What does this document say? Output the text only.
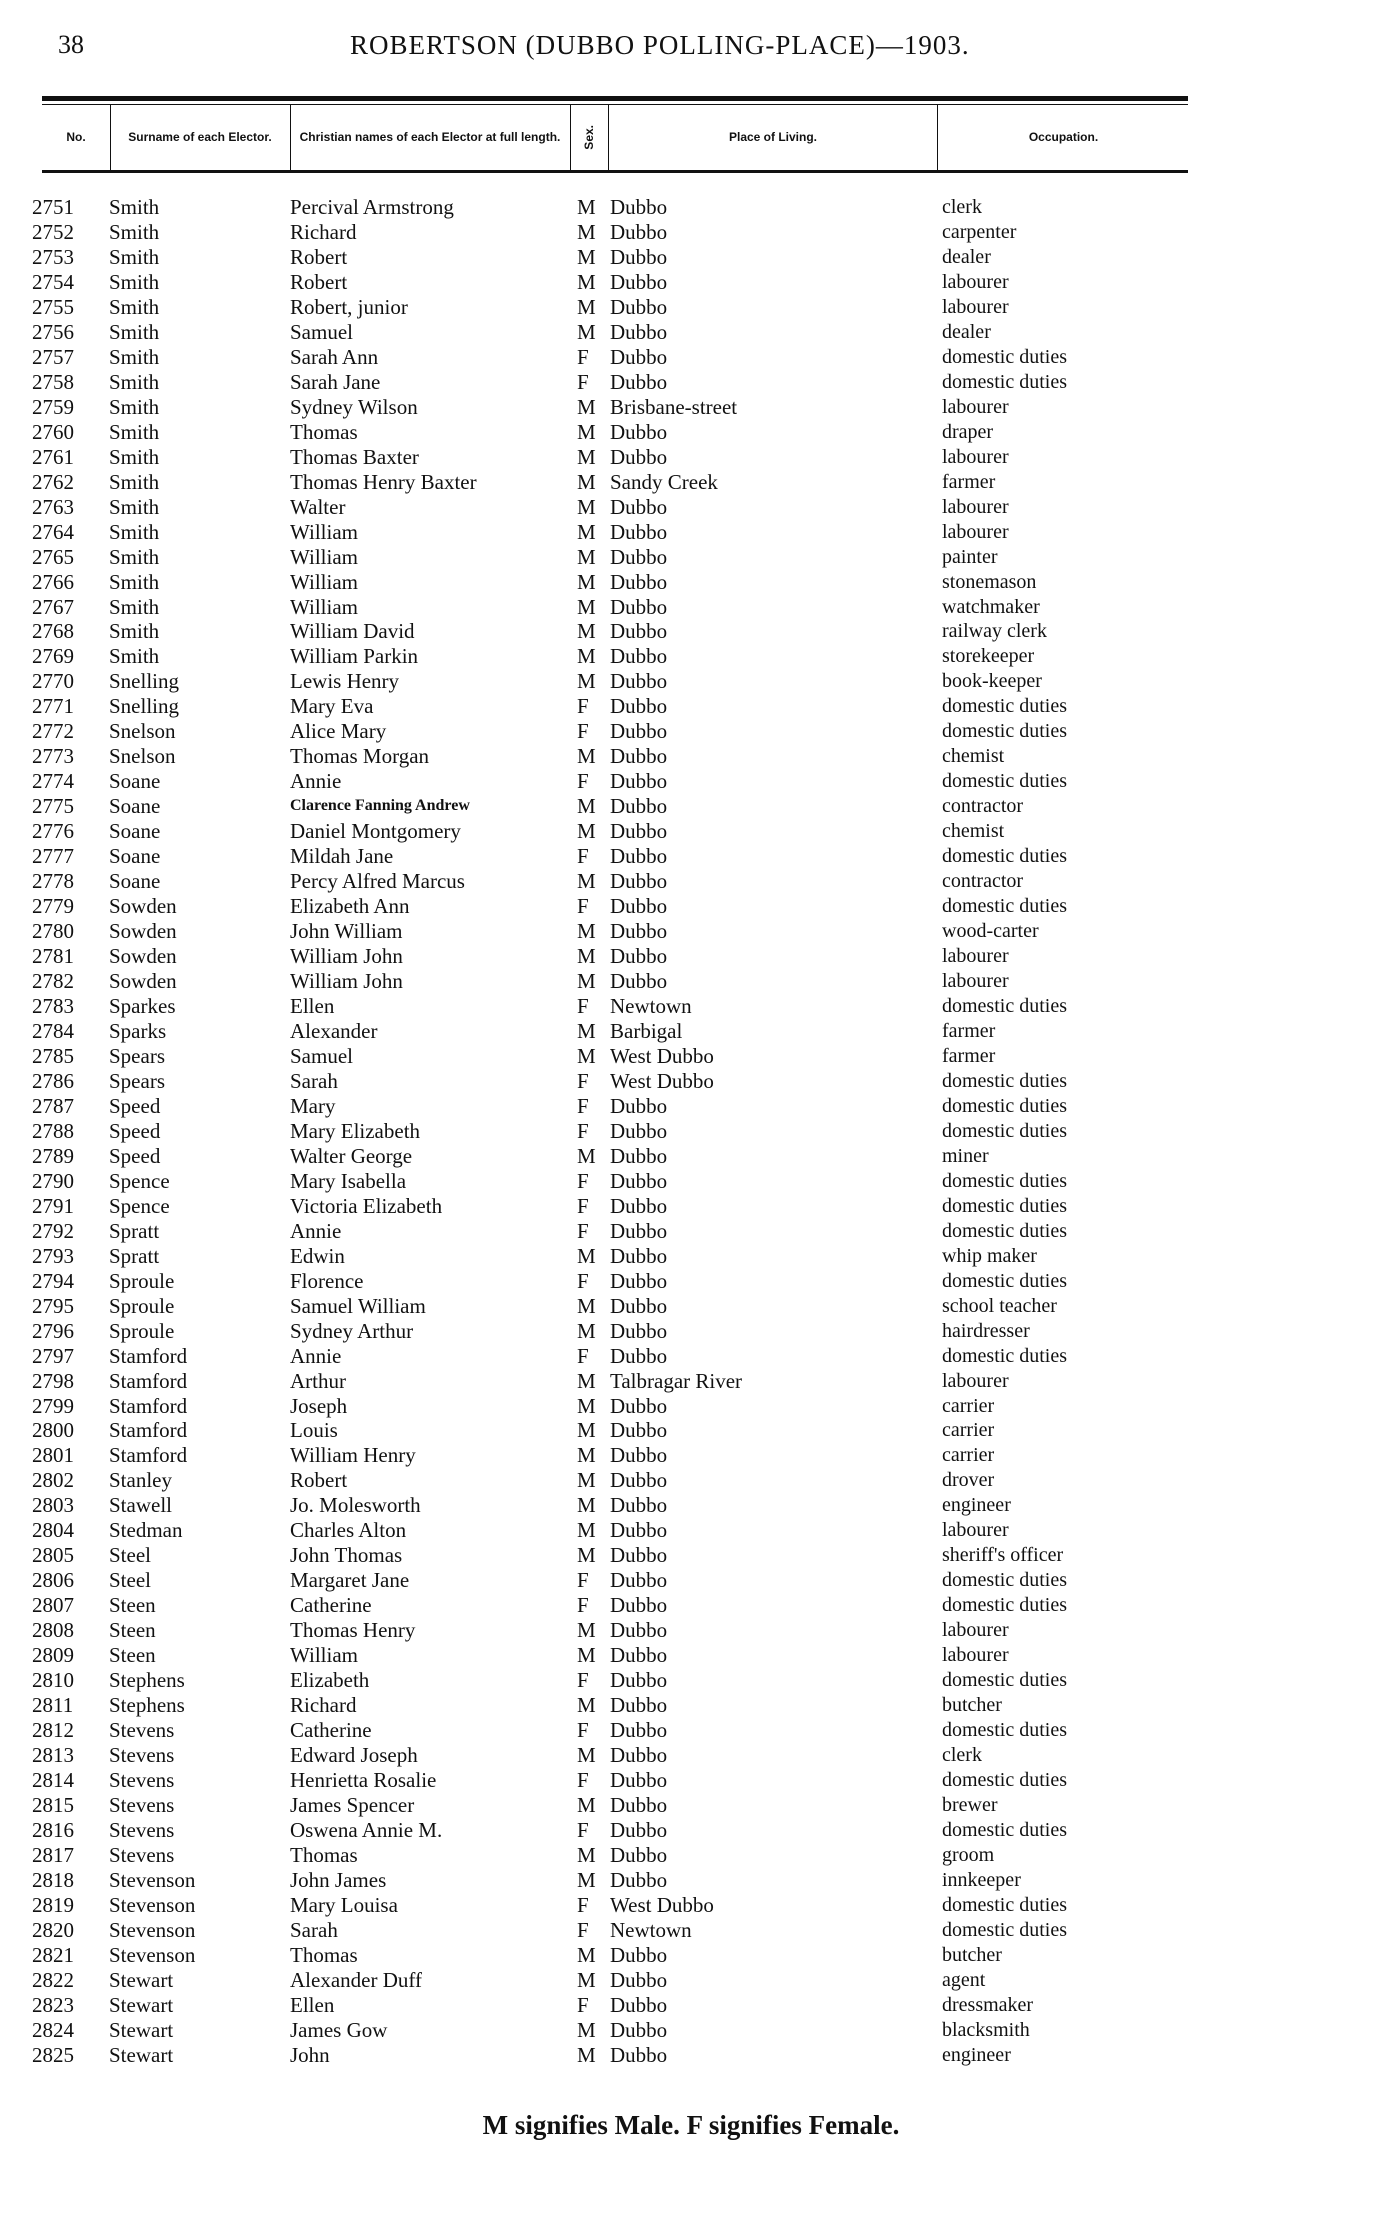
38	ROBERTSON (DUBBO POLLING-PLACE)—1903.
No.	Surname of each Elector.	Christian names of each Elector at full length.	Sex.	Place of Living.	Occupation.
2751 Smith	Percival Armstrong	M Dubbo	clerk
2752 Smith	Richard	M Dubbo	carpenter
2753 Smith	Robert	M Dubbo	dealer
2754 Smith	Robert	M Dubbo	labourer
2755 Smith	Robert, junior	M Dubbo	labourer
2756 Smith	Samuel	M Dubbo	dealer
2757 Smith	Sarah Ann	F Dubbo	domestic duties
2758 Smith	Sarah Jane	F Dubbo	domestic duties
2759 Smith	Sydney Wilson	M Brisbane-street	labourer
2760 Smith	Thomas	M Dubbo	draper
2761 Smith	Thomas Baxter	M Dubbo	labourer
2762 Smith	Thomas Henry Baxter	M Sandy Creek	farmer
2763 Smith	Walter	M Dubbo	labourer
2764 Smith	William	M Dubbo	labourer
2765 Smith	William	M Dubbo	painter
2766 Smith	William	M Dubbo	stonemason
2767 Smith	William	M Dubbo	watchmaker
2768 Smith	William David	M Dubbo	railway clerk
2769 Smith	William Parkin	M Dubbo	storekeeper
2770 Snelling	Lewis Henry	M Dubbo	book-keeper
2771 Snelling	Mary Eva	F Dubbo	domestic duties
2772 Snelson	Alice Mary	F Dubbo	domestic duties
2773 Snelson	Thomas Morgan	M Dubbo	chemist
2774 Soane	Annie	F Dubbo	domestic duties
2775 Soane	Clarence Fanning Andrew	M Dubbo	contractor
2776 Soane	Daniel Montgomery	M Dubbo	chemist
2777 Soane	Mildah Jane	F Dubbo	domestic duties
2778 Soane	Percy Alfred Marcus	M Dubbo	contractor
2779 Sowden	Elizabeth Ann	F Dubbo	domestic duties
2780 Sowden	John William	M Dubbo	wood-carter
2781 Sowden	William John	M Dubbo	labourer
2782 Sowden	William John	M Dubbo	labourer
2783 Sparkes	Ellen	F Newtown	domestic duties
2784 Sparks	Alexander	M Barbigal	farmer
2785 Spears	Samuel	M West Dubbo	farmer
2786 Spears	Sarah	F West Dubbo	domestic duties
2787 Speed	Mary	F Dubbo	domestic duties
2788 Speed	Mary Elizabeth	F Dubbo	domestic duties
2789 Speed	Walter George	M Dubbo	miner
2790 Spence	Mary Isabella	F Dubbo	domestic duties
2791 Spence	Victoria Elizabeth	F Dubbo	domestic duties
2792 Spratt	Annie	F Dubbo	domestic duties
2793 Spratt	Edwin	M Dubbo	whip maker
2794 Sproule	Florence	F Dubbo	domestic duties
2795 Sproule	Samuel William	M Dubbo	school teacher
2796 Sproule	Sydney Arthur	M Dubbo	hairdresser
2797 Stamford	Annie	F Dubbo	domestic duties
2798 Stamford	Arthur	M Talbragar River	labourer
2799 Stamford	Joseph	M Dubbo	carrier
2800 Stamford	Louis	M Dubbo	carrier
2801 Stamford	William Henry	M Dubbo	carrier
2802 Stanley	Robert	M Dubbo	drover
2803 Stawell	Jo. Molesworth	M Dubbo	engineer
2804 Stedman	Charles Alton	M Dubbo	labourer
2805 Steel	John Thomas	M Dubbo	sheriff's officer
2806 Steel	Margaret Jane	F Dubbo	domestic duties
2807 Steen	Catherine	F Dubbo	domestic duties
2808 Steen	Thomas Henry	M Dubbo	labourer
2809 Steen	William	M Dubbo	labourer
2810 Stephens	Elizabeth	F Dubbo	domestic duties
2811 Stephens	Richard	M Dubbo	butcher
2812 Stevens	Catherine	F Dubbo	domestic duties
2813 Stevens	Edward Joseph	M Dubbo	clerk
2814 Stevens	Henrietta Rosalie	F Dubbo	domestic duties
2815 Stevens	James Spencer	M Dubbo	brewer
2816 Stevens	Oswena Annie M.	F Dubbo	domestic duties
2817 Stevens	Thomas	M Dubbo	groom
2818 Stevenson	John James	M Dubbo	innkeeper
2819 Stevenson	Mary Louisa	F West Dubbo	domestic duties
2820 Stevenson	Sarah	F Newtown	domestic duties
2821 Stevenson	Thomas	M Dubbo	butcher
2822 Stewart	Alexander Duff	M Dubbo	agent
2823 Stewart	Ellen	F Dubbo	dressmaker
2824 Stewart	James Gow	M Dubbo	blacksmith
2825 Stewart	John	M Dubbo	engineer
M signifies Male. F signifies Female.
